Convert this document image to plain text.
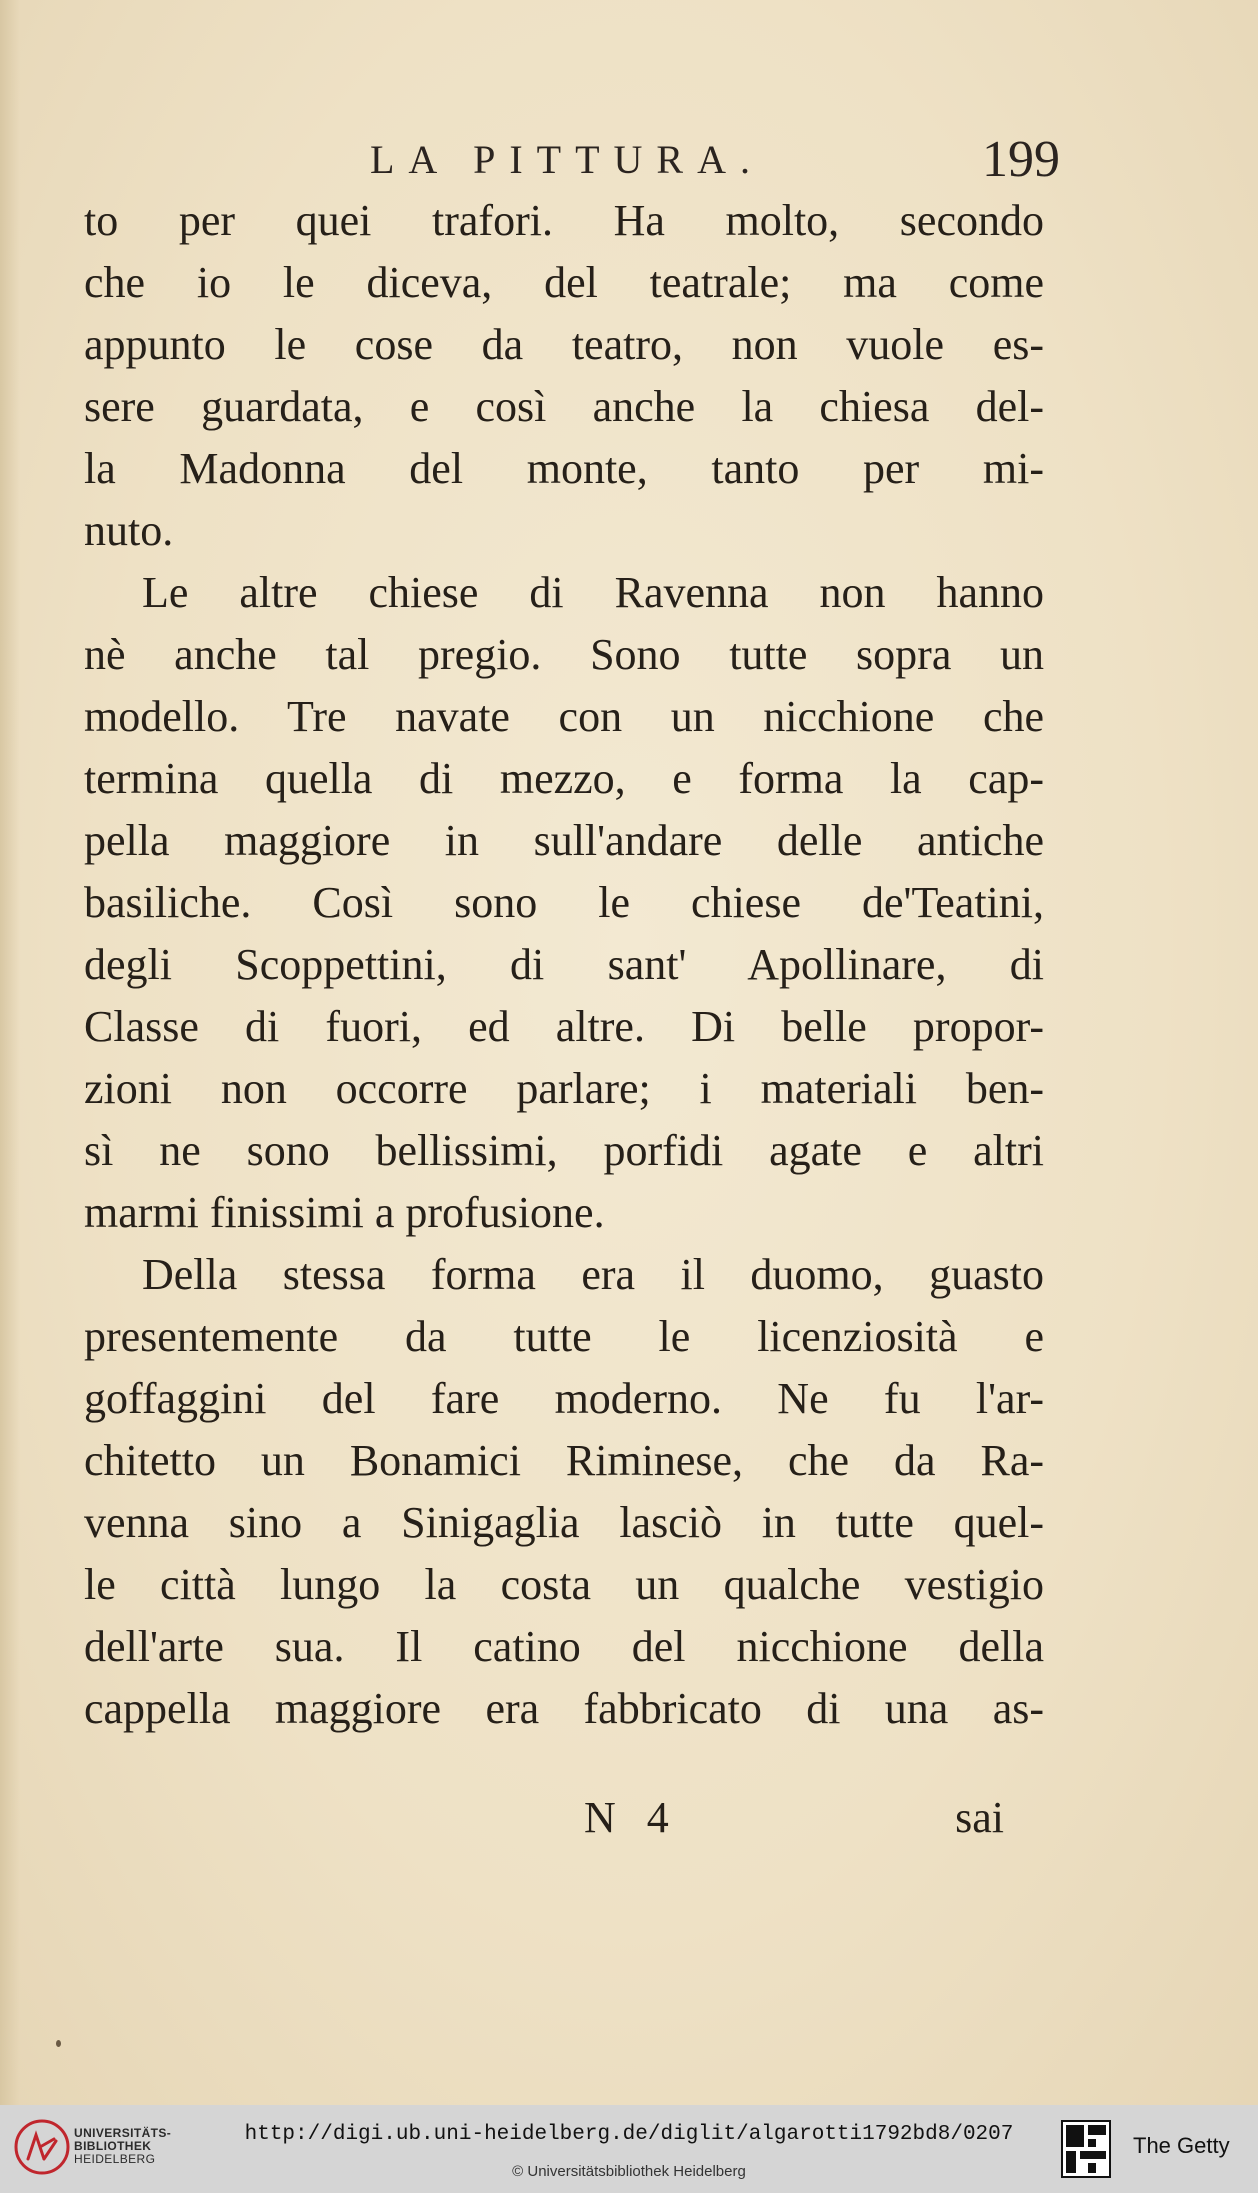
LA PITTURA.	199
to per quei trafori. Ha molto, secondo
che io le diceva, del teatrale; ma come
appunto le cose da teatro, non vuole es-
sere guardata, e così anche la chiesa del-
la Madonna del monte, tanto per mi-
nuto.
Le altre chiese di Ravenna non hanno
nè anche tal pregio. Sono tutte sopra un
modello. Tre navate con un nicchione che
termina quella di mezzo, e forma la cap-
pella maggiore in sull'andare delle antiche
basiliche. Così sono le chiese de'Teatini,
degli Scoppettini, di sant' Apollinare, di
Classe di fuori, ed altre. Di belle propor-
zioni non occorre parlare; i materiali ben-
sì ne sono bellissimi, porfidi agate e altri
marmi finissimi a profusione.
Della stessa forma era il duomo, guasto
presentemente da tutte le licenziosità e
goffaggini del fare moderno. Ne fu l'ar-
chitetto un Bonamici Riminese, che da Ra-
venna sino a Sinigaglia lasciò in tutte quel-
le città lungo la costa un qualche vestigio
dell'arte sua. Il catino del nicchione della
cappella maggiore era fabbricato di una as-
N 4	sai
UNIVERSITÄTS-
BIBLIOTHEK
HEIDELBERG
http://digi.ub.uni-heidelberg.de/diglit/algarotti1792bd8/0207
© Universitätsbibliothek Heidelberg
The Getty
